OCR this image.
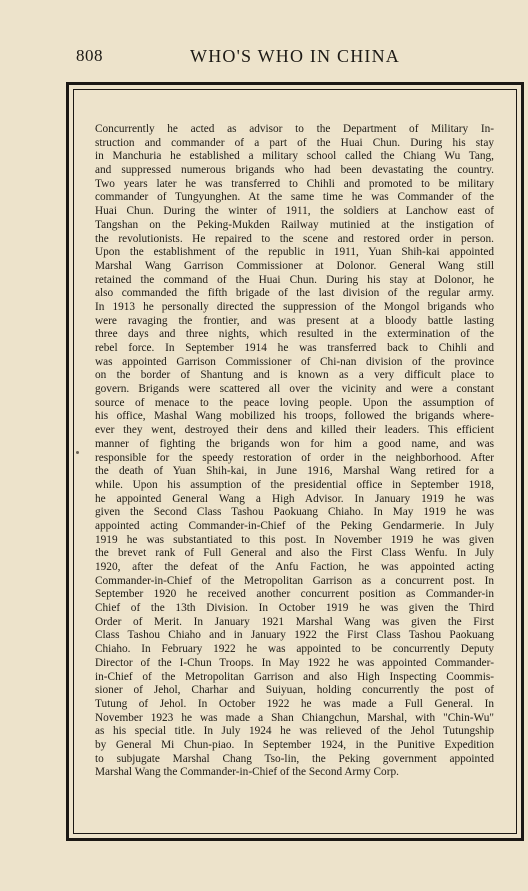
808	WHO'S WHO IN CHINA
Concurrently he acted as advisor to the Department of Military In-
struction and commander of a part of the Huai Chun. During his stay
in Manchuria he established a military school called the Chiang Wu Tang,
and suppressed numerous brigands who had been devastating the country.
Two years later he was transferred to Chihli and promoted to be military
commander of Tungyunghen. At the same time he was Commander of the
Huai Chun. During the winter of 1911, the soldiers at Lanchow east of
Tangshan on the Peking-Mukden Railway mutinied at the instigation of
the revolutionists. He repaired to the scene and restored order in person.
Upon the establishment of the republic in 1911, Yuan Shih-kai appointed
Marshal Wang Garrison Commissioner at Dolonor. General Wang still
retained the command of the Huai Chun. During his stay at Dolonor, he
also commanded the fifth brigade of the last division of the regular army.
In 1913 he personally directed the suppression of the Mongol brigands who
were ravaging the frontier, and was present at a bloody battle lasting
three days and three nights, which resulted in the extermination of the
rebel force. In September 1914 he was transferred back to Chihli and
was appointed Garrison Commissioner of Chi-nan division of the province
on the border of Shantung and is known as a very difficult place to
govern. Brigands were scattered all over the vicinity and were a constant
source of menace to the peace loving people. Upon the assumption of
his office, Mashal Wang mobilized his troops, followed the brigands where-
ever they went, destroyed their dens and killed their leaders. This efficient
manner of fighting the brigands won for him a good name, and was
responsible for the speedy restoration of order in the neighborhood. After
the death of Yuan Shih-kai, in June 1916, Marshal Wang retired for a
while. Upon his assumption of the presidential office in September 1918,
he appointed General Wang a High Advisor. In January 1919 he was
given the Second Class Tashou Paokuang Chiaho. In May 1919 he was
appointed acting Commander-in-Chief of the Peking Gendarmerie. In July
1919 he was substantiated to this post. In November 1919 he was given
the brevet rank of Full General and also the First Class Wenfu. In July
1920, after the defeat of the Anfu Faction, he was appointed acting
Commander-in-Chief of the Metropolitan Garrison as a concurrent post. In
September 1920 he received another concurrent position as Commander-in
Chief of the 13th Division. In October 1919 he was given the Third
Order of Merit. In January 1921 Marshal Wang was given the First
Class Tashou Chiaho and in January 1922 the First Class Tashou Paokuang
Chiaho. In February 1922 he was appointed to be concurrently Deputy
Director of the I-Chun Troops. In May 1922 he was appointed Commander-
in-Chief of the Metropolitan Garrison and also High Inspecting Coommis-
sioner of Jehol, Charhar and Suiyuan, holding concurrently the post of
Tutung of Jehol. In October 1922 he was made a Full General. In
November 1923 he was made a Shan Chiangchun, Marshal, with "Chin-Wu"
as his special title. In July 1924 he was relieved of the Jehol Tutungship
by General Mi Chun-piao. In September 1924, in the Punitive Expedition
to subjugate Marshal Chang Tso-lin, the Peking government appointed
Marshal Wang the Commander-in-Chief of the Second Army Corp.
